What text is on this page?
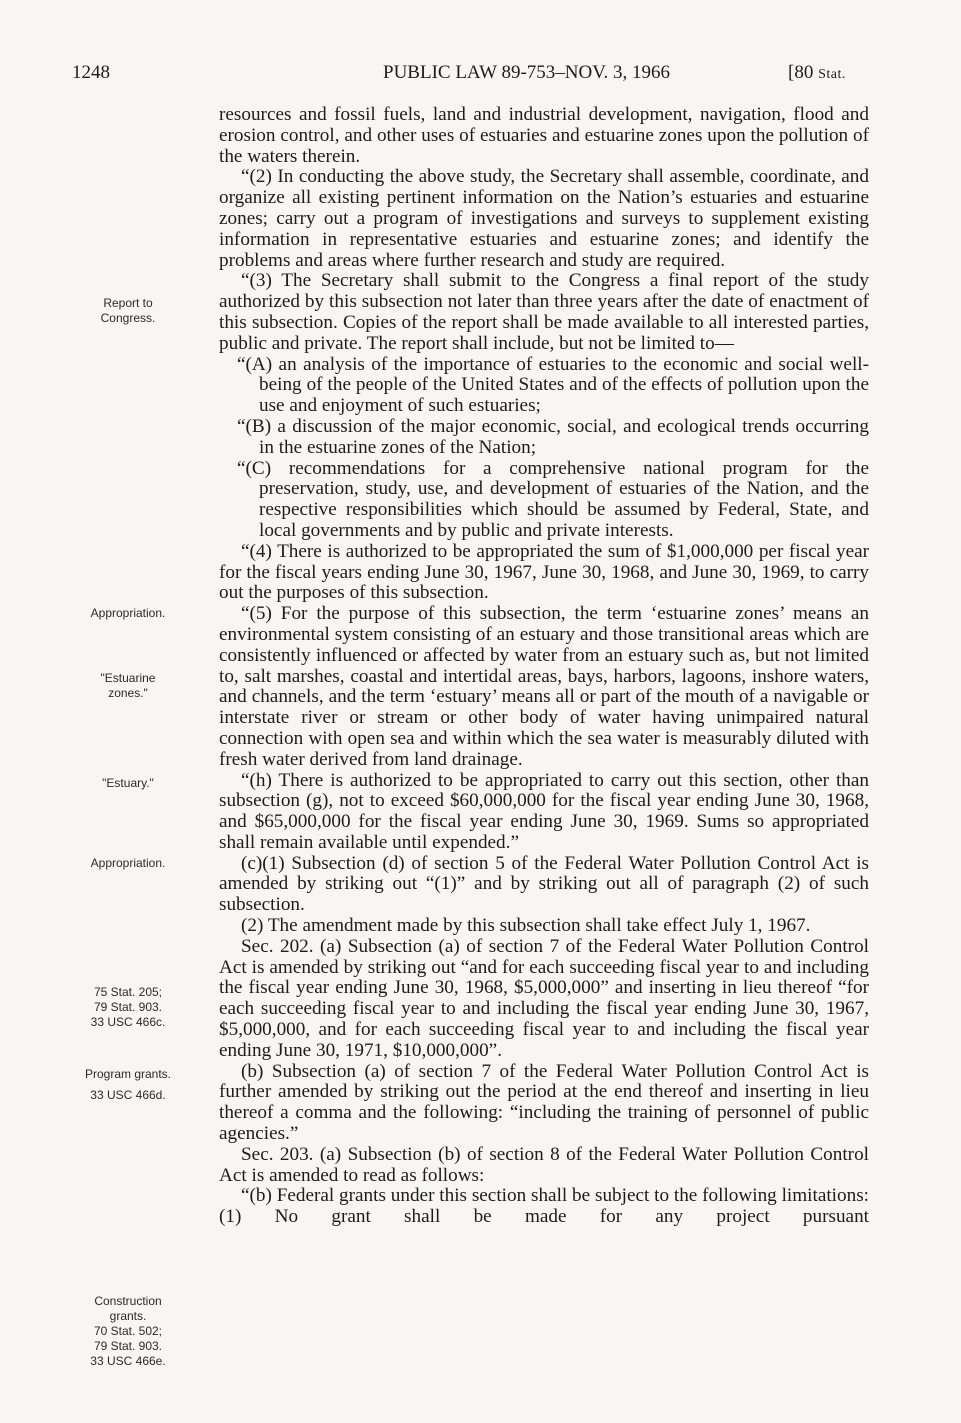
1248	PUBLIC LAW 89-753–NOV. 3, 1966	[80 Stat.
Report to
Congress.
Appropriation.
"Estuarine
zones."
"Estuary."
Appropriation.
75 Stat. 205;
79 Stat. 903.
33 USC 466c.
Program grants.
33 USC 466d.
Construction
grants.
70 Stat. 502;
79 Stat. 903.
33 USC 466e.

resources and fossil fuels, land and industrial development, navigation, flood and erosion control, and other uses of estuaries and estuarine zones upon the pollution of the waters therein.

“(2) In conducting the above study, the Secretary shall assemble, coordinate, and organize all existing pertinent information on the Nation’s estuaries and estuarine zones; carry out a program of investigations and surveys to supplement existing information in representative estuaries and estuarine zones; and identify the problems and areas where further research and study are required.

“(3) The Secretary shall submit to the Congress a final report of the study authorized by this subsection not later than three years after the date of enactment of this subsection. Copies of the report shall be made available to all interested parties, public and private. The report shall include, but not be limited to—

“(A) an analysis of the importance of estuaries to the economic and social well-being of the people of the United States and of the effects of pollution upon the use and enjoyment of such estuaries;

“(B) a discussion of the major economic, social, and ecological trends occurring in the estuarine zones of the Nation;

“(C) recommendations for a comprehensive national program for the preservation, study, use, and development of estuaries of the Nation, and the respective responsibilities which should be assumed by Federal, State, and local governments and by public and private interests.

“(4) There is authorized to be appropriated the sum of $1,000,000 per fiscal year for the fiscal years ending June 30, 1967, June 30, 1968, and June 30, 1969, to carry out the purposes of this subsection.

“(5) For the purpose of this subsection, the term ‘estuarine zones’ means an environmental system consisting of an estuary and those transitional areas which are consistently influenced or affected by water from an estuary such as, but not limited to, salt marshes, coastal and intertidal areas, bays, harbors, lagoons, inshore waters, and channels, and the term ‘estuary’ means all or part of the mouth of a navigable or interstate river or stream or other body of water having unimpaired natural connection with open sea and within which the sea water is measurably diluted with fresh water derived from land drainage.

“(h) There is authorized to be appropriated to carry out this section, other than subsection (g), not to exceed $60,000,000 for the fiscal year ending June 30, 1968, and $65,000,000 for the fiscal year ending June 30, 1969. Sums so appropriated shall remain available until expended.”

(c)(1) Subsection (d) of section 5 of the Federal Water Pollution Control Act is amended by striking out “(1)” and by striking out all of paragraph (2) of such subsection.

(2) The amendment made by this subsection shall take effect July 1, 1967.

Sec. 202. (a) Subsection (a) of section 7 of the Federal Water Pollution Control Act is amended by striking out “and for each succeeding fiscal year to and including the fiscal year ending June 30, 1968, $5,000,000” and inserting in lieu thereof “for each succeeding fiscal year to and including the fiscal year ending June 30, 1967, $5,000,000, and for each succeeding fiscal year to and including the fiscal year ending June 30, 1971, $10,000,000”.

(b) Subsection (a) of section 7 of the Federal Water Pollution Control Act is further amended by striking out the period at the end thereof and inserting in lieu thereof a comma and the following: “including the training of personnel of public agencies.”

Sec. 203. (a) Subsection (b) of section 8 of the Federal Water Pollution Control Act is amended to read as follows:

“(b) Federal grants under this section shall be subject to the following limitations: (1) No grant shall be made for any project pursuant
